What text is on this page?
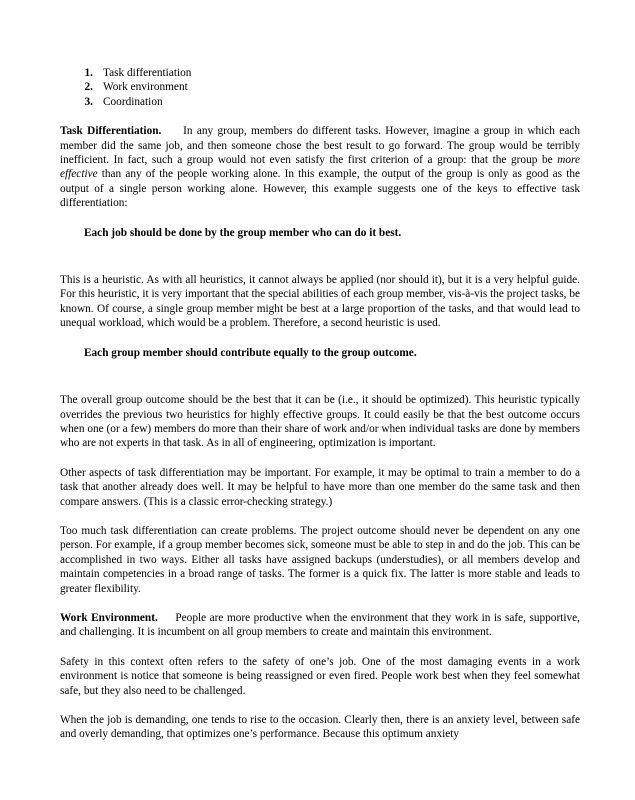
1. Task differentiation
2. Work environment
3. Coordination

Task Differentiation. In any group, members do different tasks. However, imagine a group in which each member did the same job, and then someone chose the best result to go forward. The group would be terribly inefficient. In fact, such a group would not even satisfy the first criterion of a group: that the group be more effective than any of the people working alone. In this example, the output of the group is only as good as the output of a single person working alone. However, this example suggests one of the keys to effective task differentiation:

Each job should be done by the group member who can do it best.

This is a heuristic. As with all heuristics, it cannot always be applied (nor should it), but it is a very helpful guide. For this heuristic, it is very important that the special abilities of each group member, vis-à-vis the project tasks, be known. Of course, a single group member might be best at a large proportion of the tasks, and that would lead to unequal workload, which would be a problem. Therefore, a second heuristic is used.

Each group member should contribute equally to the group outcome.

The overall group outcome should be the best that it can be (i.e., it should be optimized). This heuristic typically overrides the previous two heuristics for highly effective groups. It could easily be that the best outcome occurs when one (or a few) members do more than their share of work and/or when individual tasks are done by members who are not experts in that task. As in all of engineering, optimization is important.

Other aspects of task differentiation may be important. For example, it may be optimal to train a member to do a task that another already does well. It may be helpful to have more than one member do the same task and then compare answers. (This is a classic error-checking strategy.)

Too much task differentiation can create problems. The project outcome should never be dependent on any one person. For example, if a group member becomes sick, someone must be able to step in and do the job. This can be accomplished in two ways. Either all tasks have assigned backups (understudies), or all members develop and maintain competencies in a broad range of tasks. The former is a quick fix. The latter is more stable and leads to greater flexibility.

Work Environment. People are more productive when the environment that they work in is safe, supportive, and challenging. It is incumbent on all group members to create and maintain this environment.

Safety in this context often refers to the safety of one’s job. One of the most damaging events in a work environment is notice that someone is being reassigned or even fired. People work best when they feel somewhat safe, but they also need to be challenged.

When the job is demanding, one tends to rise to the occasion. Clearly then, there is an anxiety level, between safe and overly demanding, that optimizes one’s performance. Because this optimum anxiety
